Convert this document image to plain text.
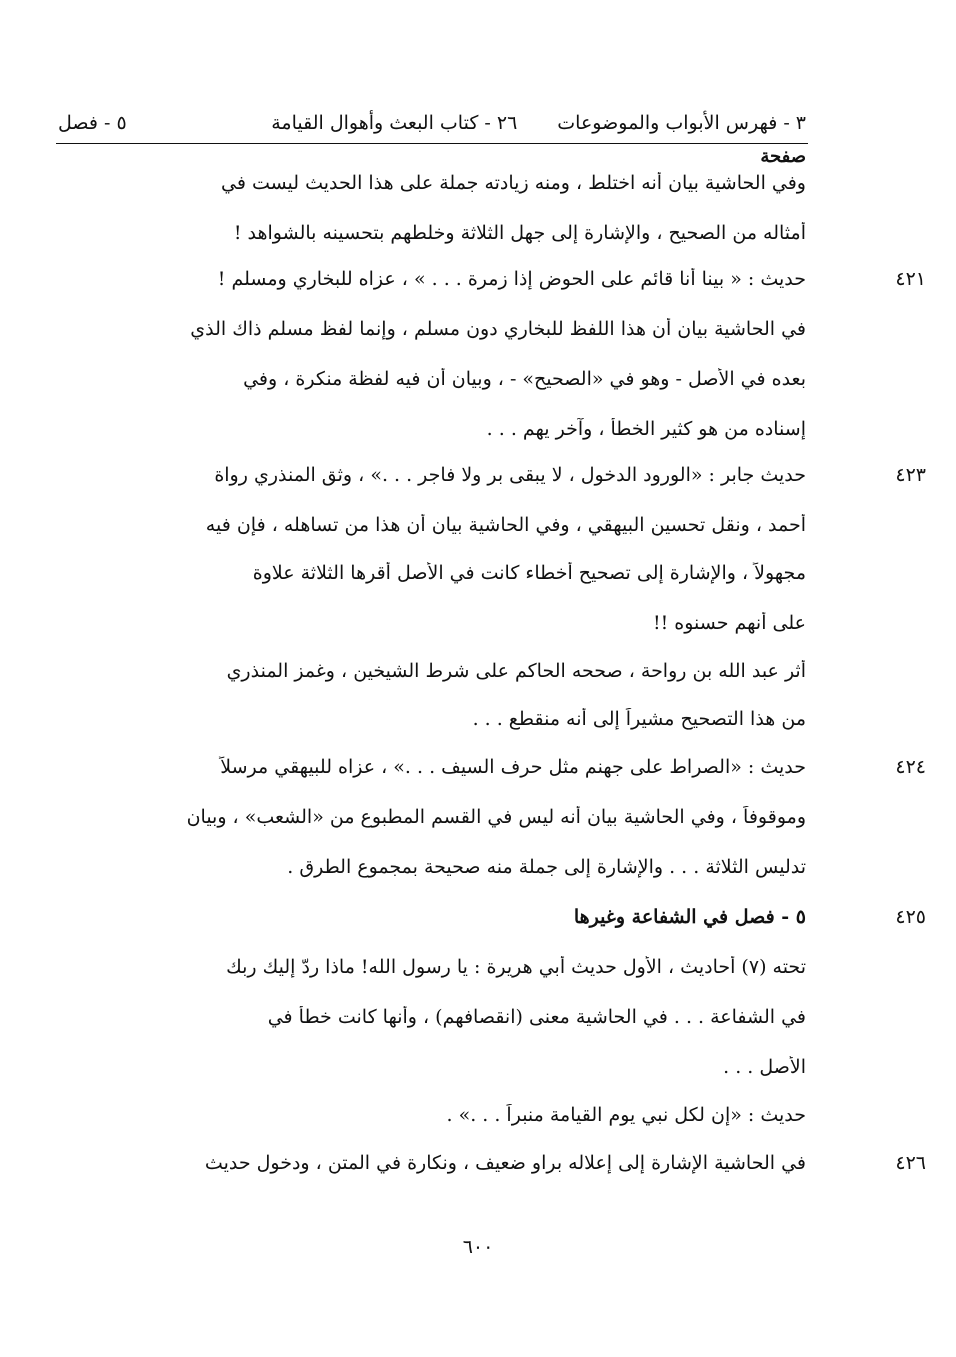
٣ - فهرس الأبواب والموضوعات
٢٦ - كتاب البعث وأهوال القيامة
٥ - فصل
صفحة
وفي الحاشية بيان أنه اختلط ، ومنه زيادته جملة على هذا الحديث ليست في
أمثاله من الصحيح ، والإشارة إلى جهل الثلاثة وخلطهم بتحسينه بالشواهد !
حديث : « بينا أنا قائم على الحوض إذا زمرة . . . » ، عزاه للبخاري ومسلم !	٤٢١
في الحاشية بيان أن هذا اللفظ للبخاري دون مسلم ، وإنما لفظ مسلم ذاك الذي
بعده في الأصل - وهو في «الصحيح» - ، وبيان أن فيه لفظة منكرة ، وفي
إسناده من هو كثير الخطأ ، وآخر يهم . . .
حديث جابر : «الورود الدخول ، لا يبقى بر ولا فاجر . . .» ، وثق المنذري رواة	٤٢٣
أحمد ، ونقل تحسين البيهقي ، وفي الحاشية بيان أن هذا من تساهله ، فإن فيه
مجهولاً ، والإشارة إلى تصحيح أخطاء كانت في الأصل أقرها الثلاثة علاوة
على أنهم حسنوه !!
أثر عبد الله بن رواحة ، صححه الحاكم على شرط الشيخين ، وغمز المنذري
من هذا التصحيح مشيراً إلى أنه منقطع . . .
حديث : «الصراط على جهنم مثل حرف السيف . . .» ، عزاه للبيهقي مرسلاً	٤٢٤
وموقوفاً ، وفي الحاشية بيان أنه ليس في القسم المطبوع من «الشعب» ، وبيان
تدليس الثلاثة . . . والإشارة إلى جملة منه صحيحة بمجموع الطرق .
٥ - فصل في الشفاعة وغيرها	٤٢٥
تحته (٧) أحاديث ، الأول حديث أبي هريرة : يا رسول الله! ماذا ردّ إليك ربك
في الشفاعة . . . في الحاشية معنى (انقصافهم) ، وأنها كانت خطأ في
الأصل . . .
حديث : «إن لكل نبي يوم القيامة منبراً . . .» .
في الحاشية الإشارة إلى إعلاله براو ضعيف ، ونكارة في المتن ، ودخول حديث	٤٢٦
٦٠٠
